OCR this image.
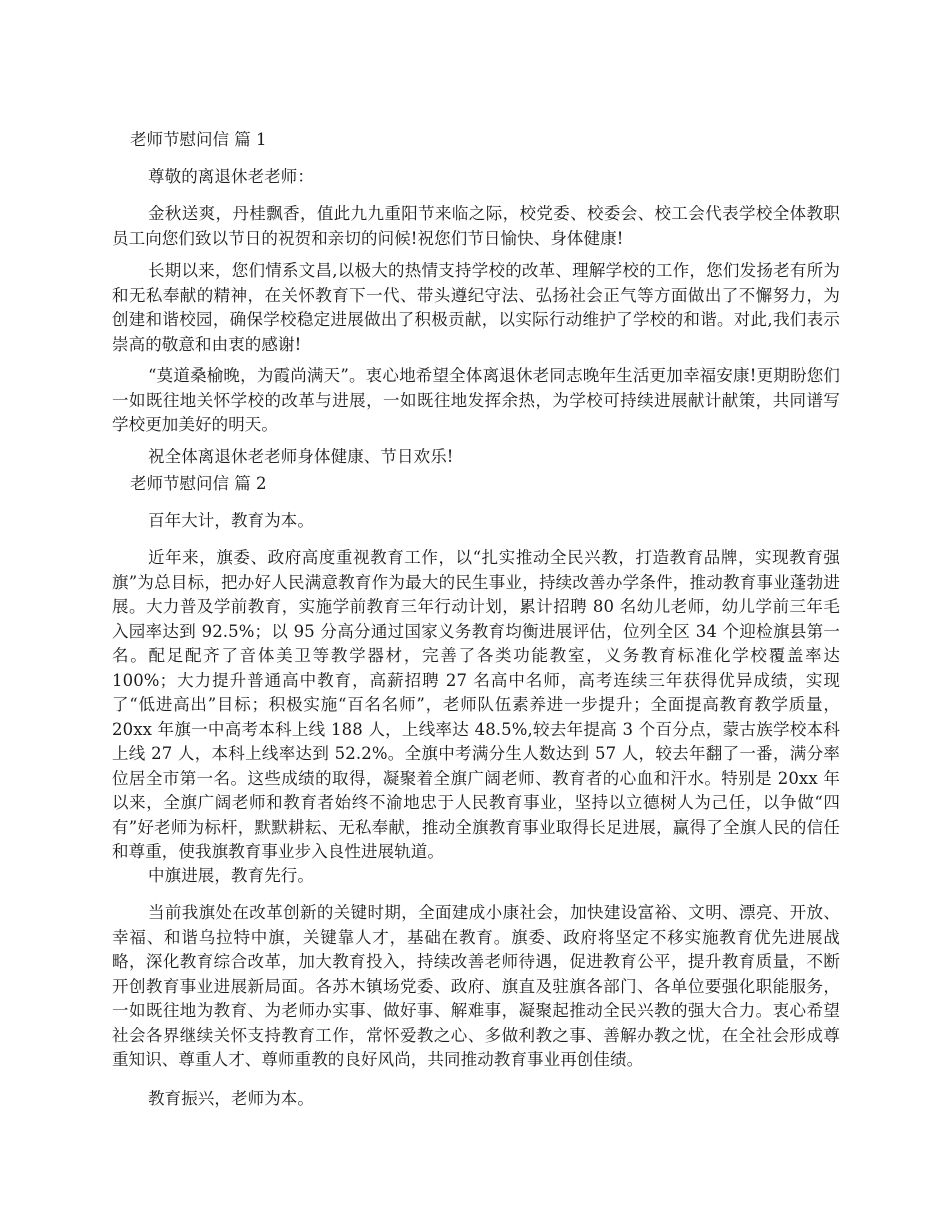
老师节慰问信 篇 1

尊敬的离退休老老师：

金秋送爽，丹桂飘香，值此九九重阳节来临之际，校党委、校委会、校工会代表学校全体教职员工向您们致以节日的祝贺和亲切的问候!祝您们节日愉快、身体健康!

长期以来，您们情系文昌,以极大的热情支持学校的改革、理解学校的工作，您们发扬老有所为和无私奉献的精神，在关怀教育下一代、带头遵纪守法、弘扬社会正气等方面做出了不懈努力，为创建和谐校园，确保学校稳定进展做出了积极贡献，以实际行动维护了学校的和谐。对此,我们表示崇高的敬意和由衷的感谢!

“莫道桑榆晚，为霞尚满天”。衷心地希望全体离退休老同志晚年生活更加幸福安康!更期盼您们一如既往地关怀学校的改革与进展，一如既往地发挥余热，为学校可持续进展献计献策，共同谱写学校更加美好的明天。

祝全体离退休老老师身体健康、节日欢乐!

老师节慰问信 篇 2

百年大计，教育为本。

近年来，旗委、政府高度重视教育工作，以“扎实推动全民兴教，打造教育品牌，实现教育强旗”为总目标，把办好人民满意教育作为最大的民生事业，持续改善办学条件，推动教育事业蓬勃进展。大力普及学前教育，实施学前教育三年行动计划，累计招聘 80 名幼儿老师，幼儿学前三年毛入园率达到 92.5%；以 95 分高分通过国家义务教育均衡进展评估，位列全区 34 个迎检旗县第一名。配足配齐了音体美卫等教学器材，完善了各类功能教室，义务教育标准化学校覆盖率达 100%；大力提升普通高中教育，高薪招聘 27 名高中名师，高考连续三年获得优异成绩，实现了“低进高出”目标；积极实施“百名名师”，老师队伍素养进一步提升；全面提高教育教学质量，20xx 年旗一中高考本科上线 188 人，上线率达 48.5%,较去年提高 3 个百分点，蒙古族学校本科上线 27 人，本科上线率达到 52.2%。全旗中考满分生人数达到 57 人，较去年翻了一番，满分率位居全市第一名。这些成绩的取得，凝聚着全旗广阔老师、教育者的心血和汗水。特别是 20xx 年以来，全旗广阔老师和教育者始终不渝地忠于人民教育事业，坚持以立德树人为己任，以争做“四有”好老师为标杆，默默耕耘、无私奉献，推动全旗教育事业取得长足进展，赢得了全旗人民的信任和尊重，使我旗教育事业步入良性进展轨道。

中旗进展，教育先行。

当前我旗处在改革创新的关键时期，全面建成小康社会，加快建设富裕、文明、漂亮、开放、幸福、和谐乌拉特中旗，关键靠人才，基础在教育。旗委、政府将坚定不移实施教育优先进展战略，深化教育综合改革，加大教育投入，持续改善老师待遇，促进教育公平，提升教育质量，不断开创教育事业进展新局面。各苏木镇场党委、政府、旗直及驻旗各部门、各单位要强化职能服务，一如既往地为教育、为老师办实事、做好事、解难事，凝聚起推动全民兴教的强大合力。衷心希望社会各界继续关怀支持教育工作，常怀爱教之心、多做利教之事、善解办教之忧，在全社会形成尊重知识、尊重人才、尊师重教的良好风尚，共同推动教育事业再创佳绩。

教育振兴，老师为本。
